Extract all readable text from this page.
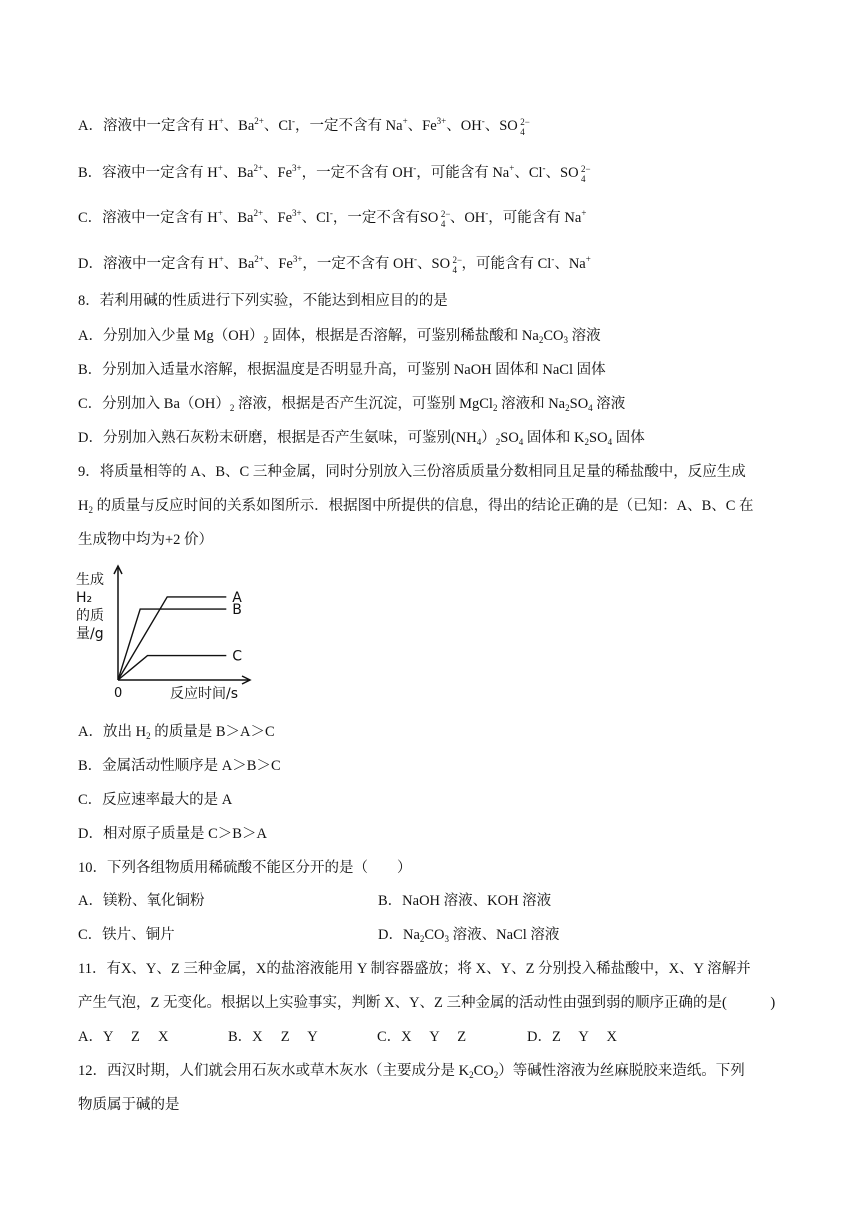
A．溶液中一定含有 H+、$Ba^{2+}$、Cl-，一定不含有 Na+、$Fe^{3+}$、OH-、 SO 2−
4
B．容液中一定含有 H+、$Ba^{2+}$、$Fe^{3+}$，一定不含有 OH-，可能含有 Na+、Cl-、 SO 2−
4
C．溶液中一定含有 H+、$Ba^{2+}$、$Fe^{3+}$、Cl-，一定不含有 SO 2−
4 、OH-，可能含有 Na+
D．溶液中一定含有 H+、$Ba^{2+}$、$Fe^{3+}$，一定不含有 OH-、 SO 2−
4 ，可能含有 Cl-、Na+
8．若利用碱的性质进行下列实验，不能达到相应目的的是
A．分别加入少量 $Mg(OH)_2$ 固体，根据是否溶解，可鉴别稀盐酸和 $Na_2CO_3$ 溶液
B．分别加入适量水溶解，根据温度是否明显升高，可鉴别 NaOH 固体和 NaCl 固体
C．分别加入 $Ba(OH)_2$ 溶液，根据是否产生沉淀，可鉴别 MgCl$_2$ 溶液和 $Na_2SO_4$ 溶液
D．分别加入熟石灰粉末研磨，根据是否产生氨味，可鉴别$(NH_4)_2SO_4$ 固体和 $K_2SO_4$ 固体
9．将质量相等的 A、B、C 三种金属，同时分别放入三份溶质质量分数相同且足量的稀盐酸中，反应生成
$H_2$ 的质量与反应时间的关系如图所示．根据图中所提供的信息，得出的结论正确的是（已知：A、B、C 在
生成物中均为+2 价）
A
B
C
生成
H₂
的质
量/g
0	反应时间/s
A．放出 $H_2$ 的质量是 B＞A＞C
B．金属活动性顺序是 A＞B＞C
C．反应速率最大的是 A
D．相对原子质量是 C＞B＞A
10．下列各组物质用稀硫酸不能区分开的是（　　）
A．镁粉、氧化铜粉	B．NaOH 溶液、KOH 溶液
C．铁片、铜片	D．$Na_2CO_3$ 溶液、NaCl 溶液
11．有X、Y、Z 三种金属，X的盐溶液能用 Y 制容器盛放；将 X、Y、Z 分别投入稀盐酸中，X、Y 溶解并
产生气泡，Z 无变化。根据以上实验事实，判断 X、Y、Z 三种金属的活动性由强到弱的顺序正确的是(　　　)
A．Y　 Z　 X	B．X　 Z　 Y	C．X　 Y　 Z	D．Z　 Y　 X
12．西汉时期，人们就会用石灰水或草木灰水（主要成分是 $K_2CO_2$）等碱性溶液为丝麻脱胶来造纸。下列
物质属于碱的是
